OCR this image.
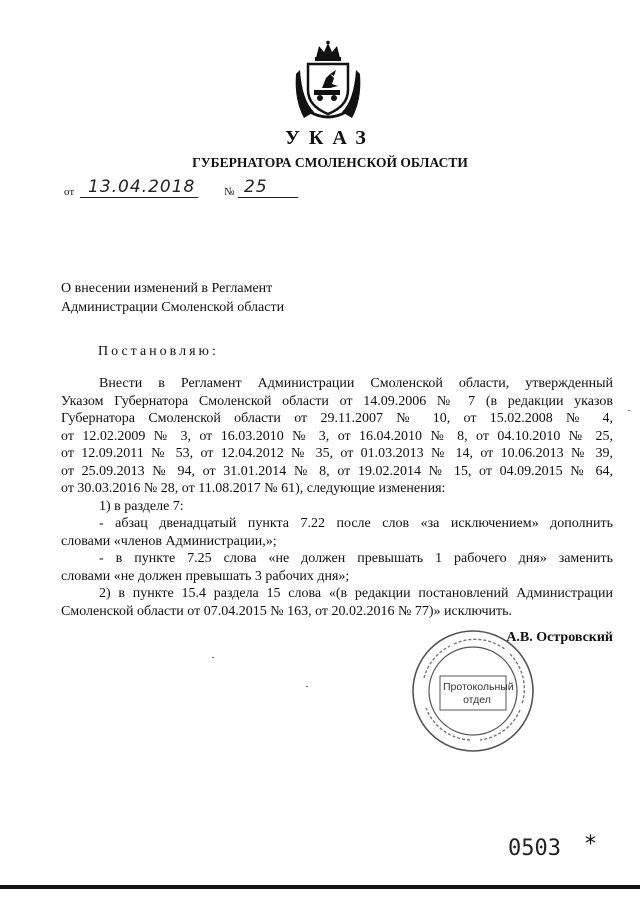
УКАЗ
ГУБЕРНАТОРА СМОЛЕНСКОЙ ОБЛАСТИ
от 13.04.2018	№ 25
О внесении изменений в Регламент
Администрации Смоленской области
Постановляю:

Внести в Регламент Администрации Смоленской области, утвержденный

Указом Губернатора Смоленской области от 14.09.2006 № 7 (в редакции указов

Губернатора Смоленской области от 29.11.2007 № 10, от 15.02.2008 № 4,

от 12.02.2009 № 3, от 16.03.2010 № 3, от 16.04.2010 № 8, от 04.10.2010 № 25,

от 12.09.2011 № 53, от 12.04.2012 № 35, от 01.03.2013 № 14, от 10.06.2013 № 39,

от 25.09.2013 № 94, от 31.01.2014 № 8, от 19.02.2014 № 15, от 04.09.2015 № 64,

от 30.03.2016 № 28, от 11.08.2017 № 61), следующие изменения:

1) в разделе 7:

- абзац двенадцатый пункта 7.22 после слов «за исключением» дополнить

словами «членов Администрации,»;

- в пункте 7.25 слова «не должен превышать 1 рабочего дня» заменить

словами «не должен превышать 3 рабочих дня»;

2) в пункте 15.4 раздела 15 слова «(в редакции постановлений Администрации

Смоленской области от 07.04.2015 № 163, от 20.02.2016 № 77)» исключить.

Протокольный
отдел
А.В. Островский
0503 *
